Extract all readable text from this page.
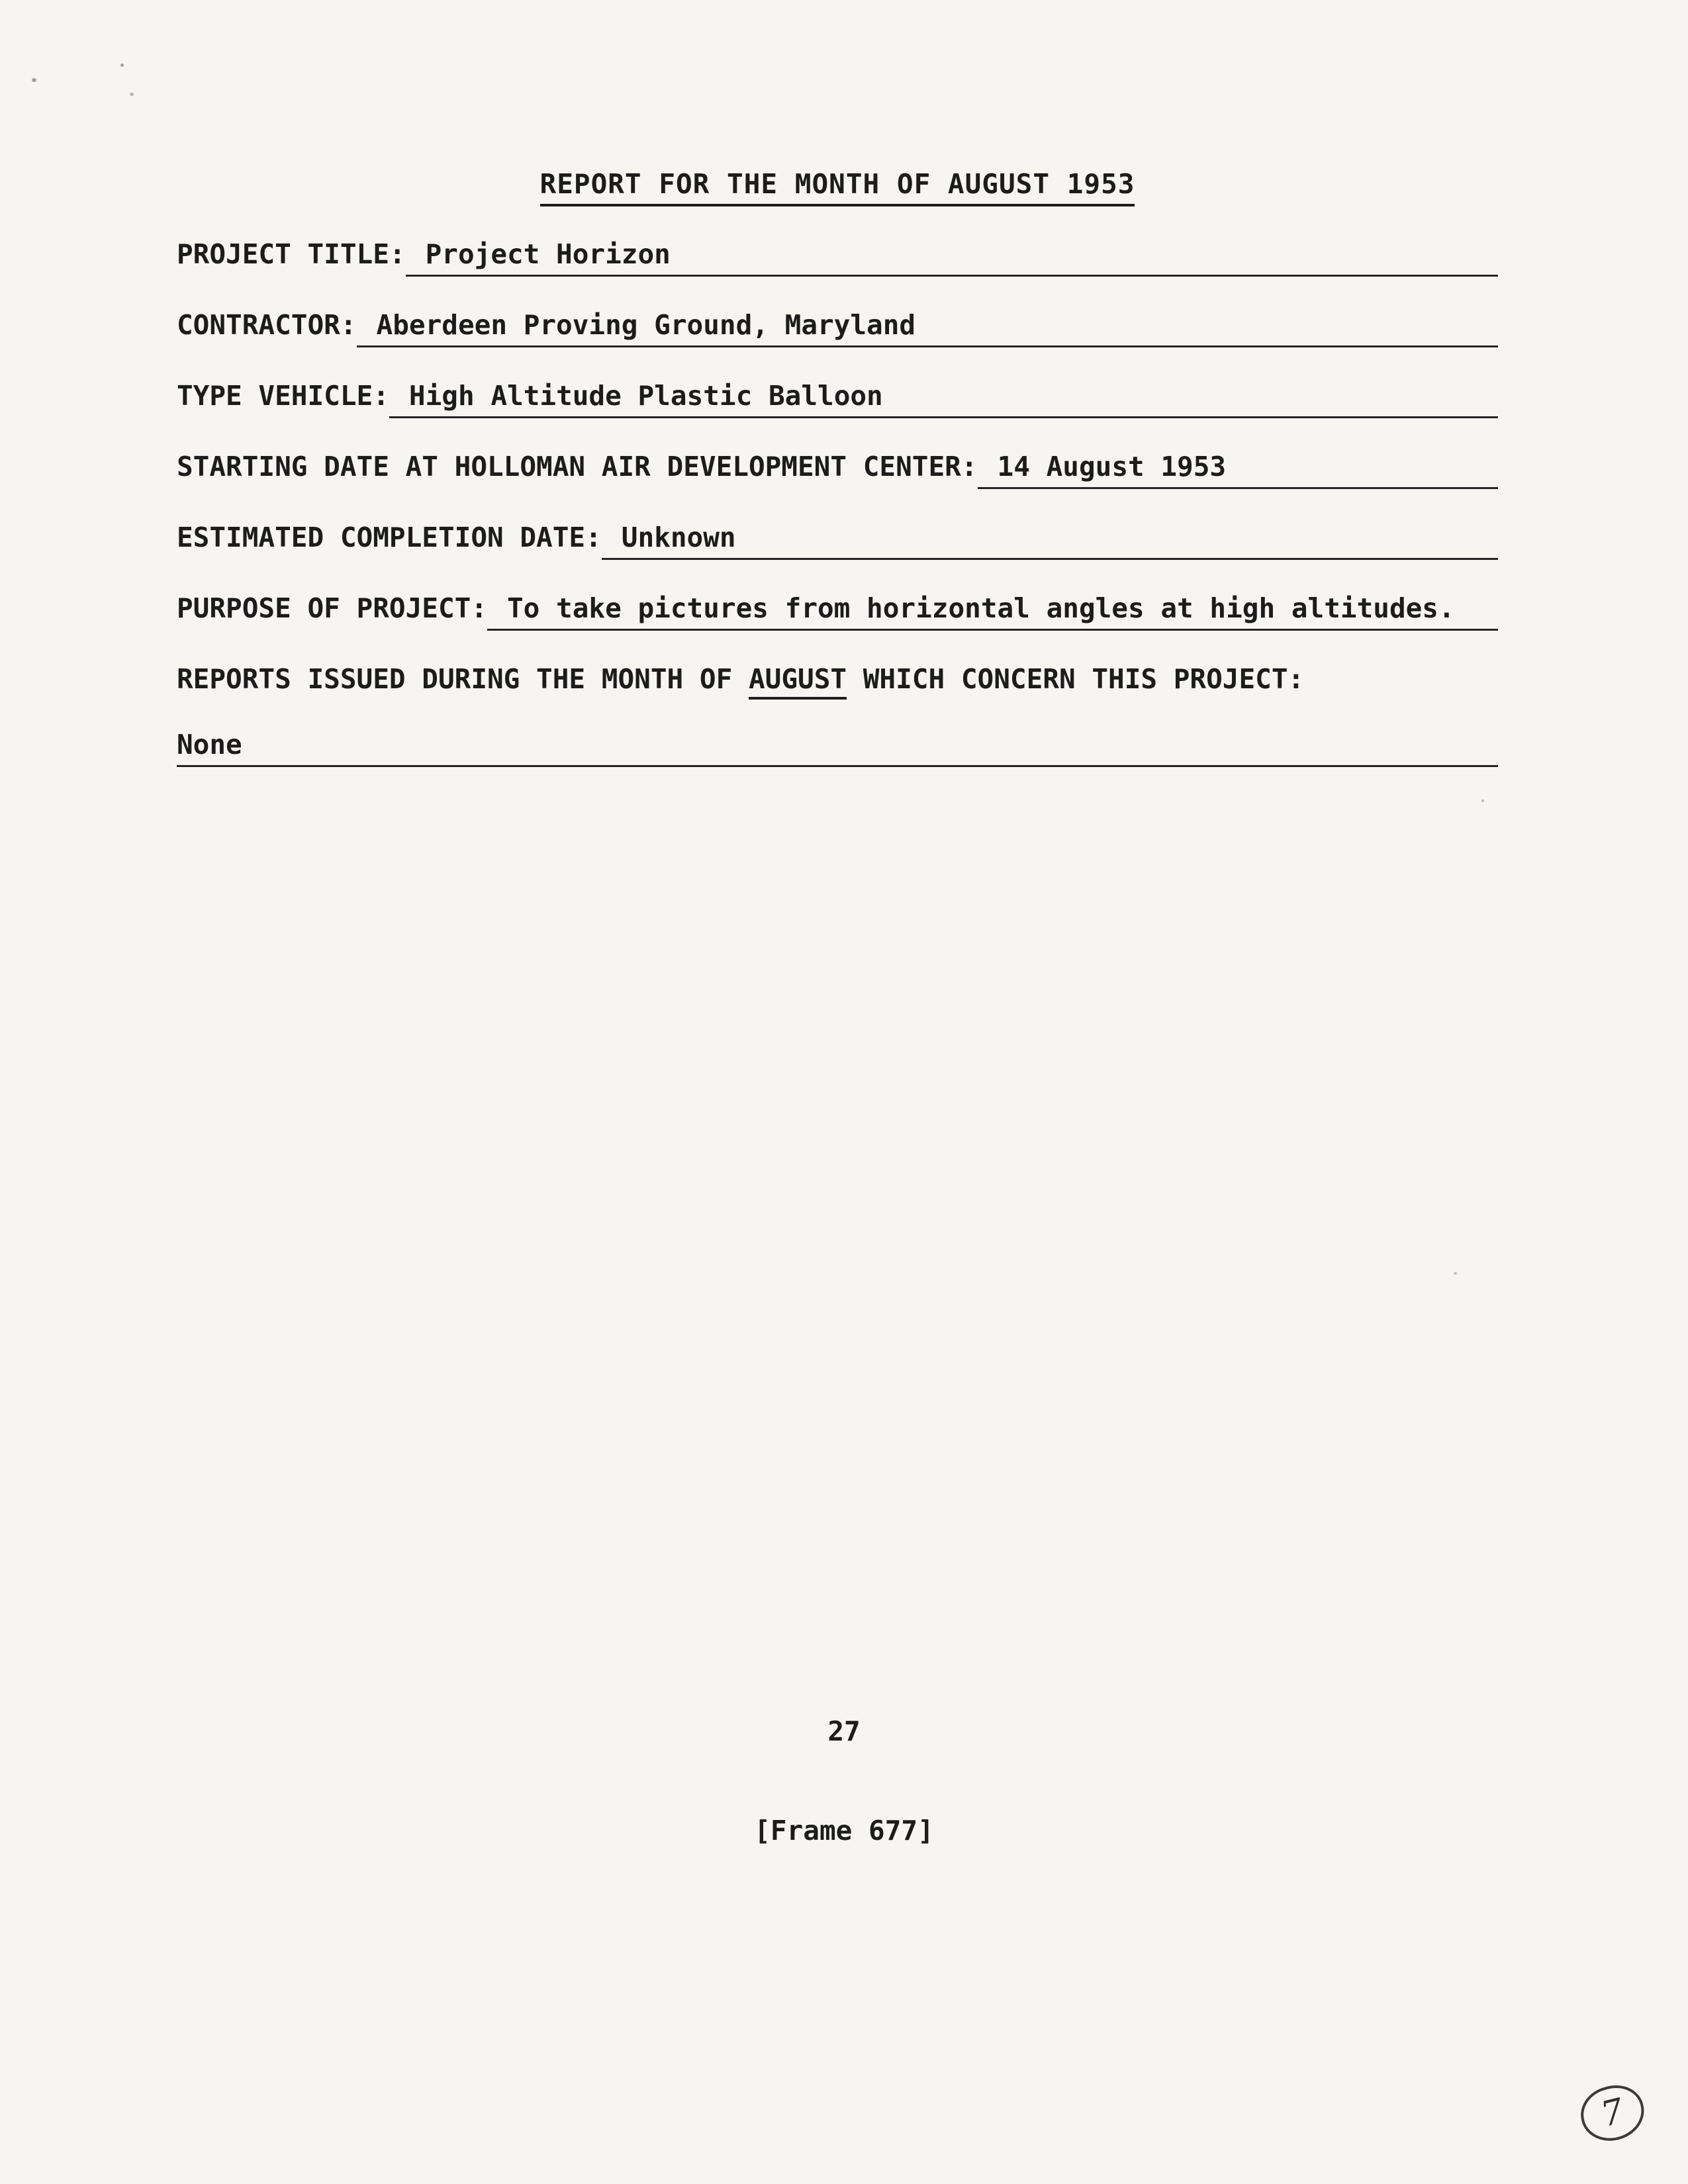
REPORT FOR THE MONTH OF AUGUST 1953
PROJECT TITLE: Project Horizon
CONTRACTOR: Aberdeen Proving Ground, Maryland
TYPE VEHICLE: High Altitude Plastic Balloon
STARTING DATE AT HOLLOMAN AIR DEVELOPMENT CENTER: 14 August 1953
ESTIMATED COMPLETION DATE: Unknown
PURPOSE OF PROJECT: To take pictures from horizontal angles at high altitudes.
REPORTS ISSUED DURING THE MONTH OF AUGUST WHICH CONCERN THIS PROJECT:
None
27
[Frame 677]
7
